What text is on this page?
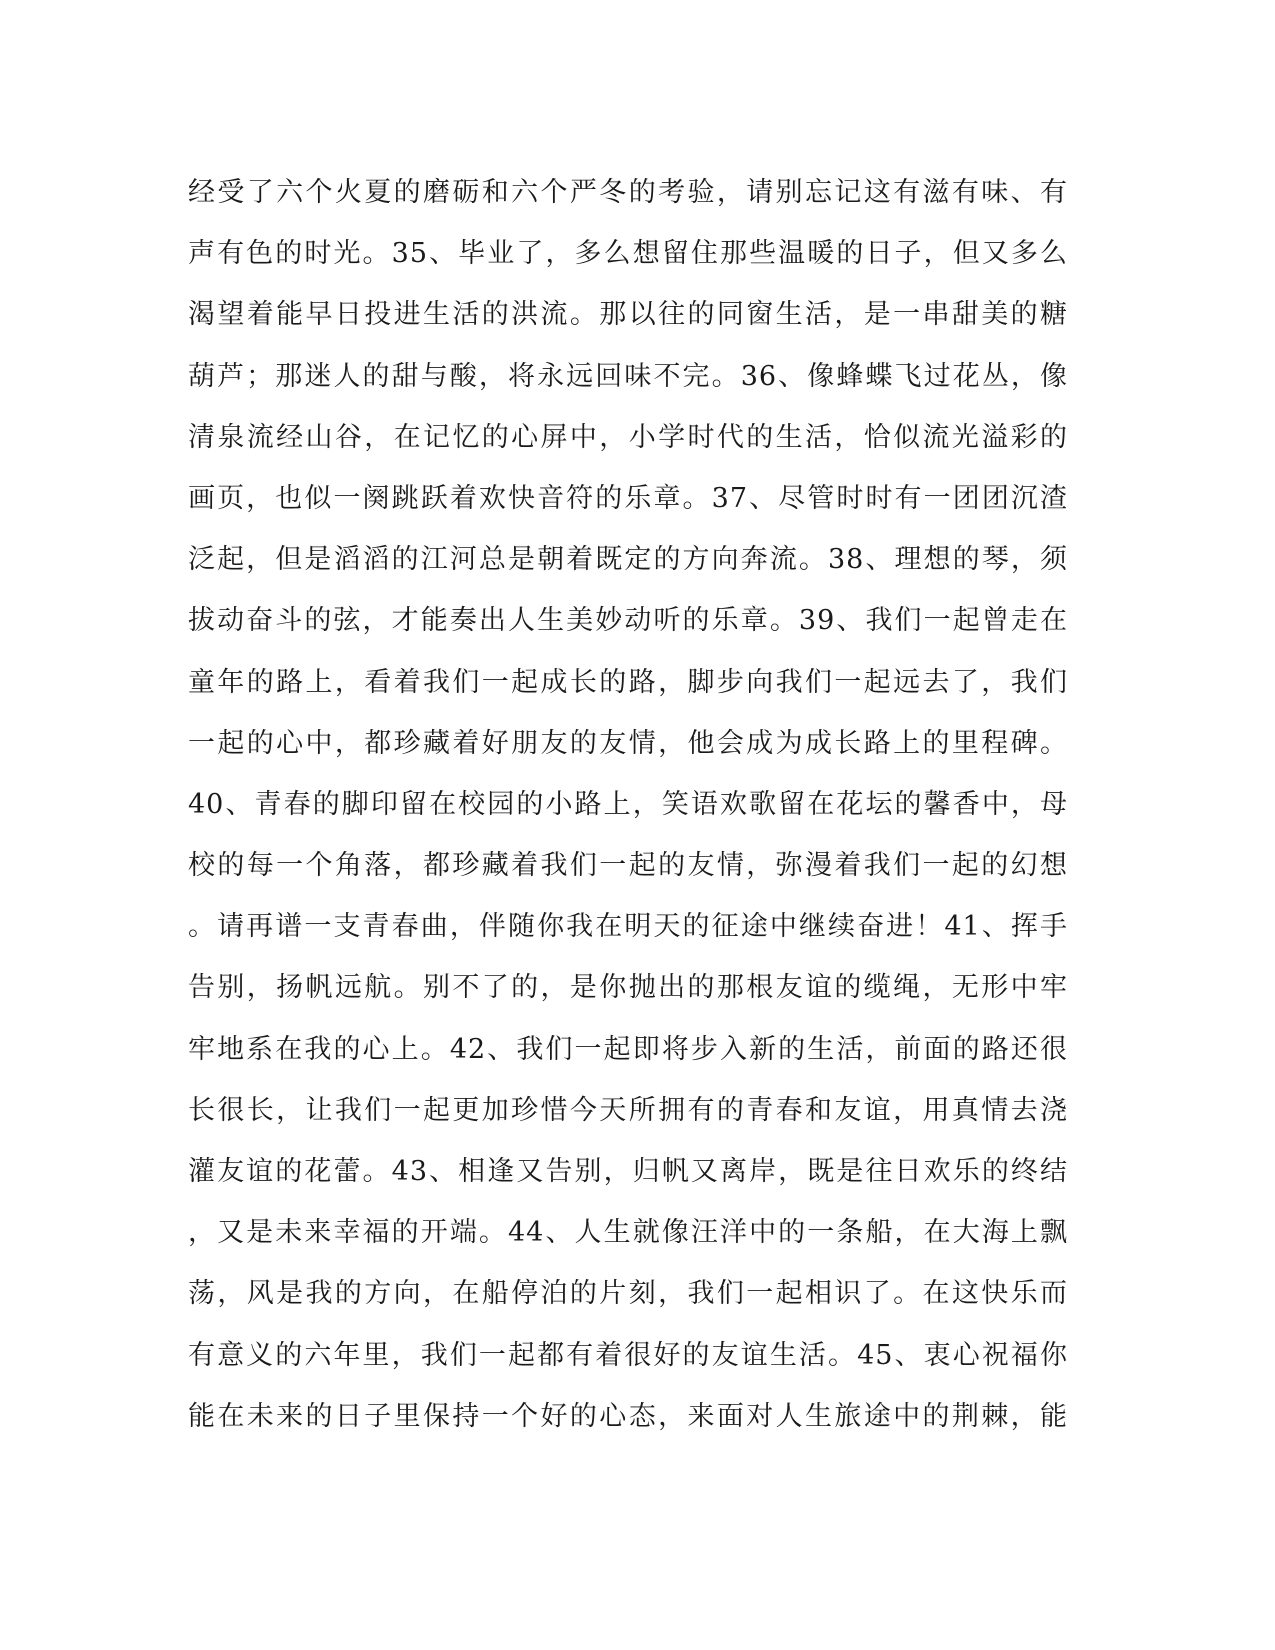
经受了六个火夏的磨砺和六个严冬的考验，请别忘记这有滋有味、有
声有色的时光。35、毕业了，多么想留住那些温暖的日子，但又多么
渴望着能早日投进生活的洪流。那以往的同窗生活，是一串甜美的糖
葫芦；那迷人的甜与酸，将永远回味不完。36、像蜂蝶飞过花丛，像
清泉流经山谷，在记忆的心屏中，小学时代的生活，恰似流光溢彩的
画页，也似一阕跳跃着欢快音符的乐章。37、尽管时时有一团团沉渣
泛起，但是滔滔的江河总是朝着既定的方向奔流。38、理想的琴，须
拔动奋斗的弦，才能奏出人生美妙动听的乐章。39、我们一起曾走在
童年的路上，看着我们一起成长的路，脚步向我们一起远去了，我们
一起的心中，都珍藏着好朋友的友情，他会成为成长路上的里程碑。
40、青春的脚印留在校园的小路上，笑语欢歌留在花坛的馨香中，母
校的每一个角落，都珍藏着我们一起的友情，弥漫着我们一起的幻想
。请再谱一支青春曲，伴随你我在明天的征途中继续奋进！41、挥手
告别，扬帆远航。别不了的，是你抛出的那根友谊的缆绳，无形中牢
牢地系在我的心上。42、我们一起即将步入新的生活，前面的路还很
长很长，让我们一起更加珍惜今天所拥有的青春和友谊，用真情去浇
灌友谊的花蕾。43、相逢又告别，归帆又离岸，既是往日欢乐的终结
，又是未来幸福的开端。44、人生就像汪洋中的一条船，在大海上飘
荡，风是我的方向，在船停泊的片刻，我们一起相识了。在这快乐而
有意义的六年里，我们一起都有着很好的友谊生活。45、衷心祝福你
能在未来的日子里保持一个好的心态，来面对人生旅途中的荆棘，能
